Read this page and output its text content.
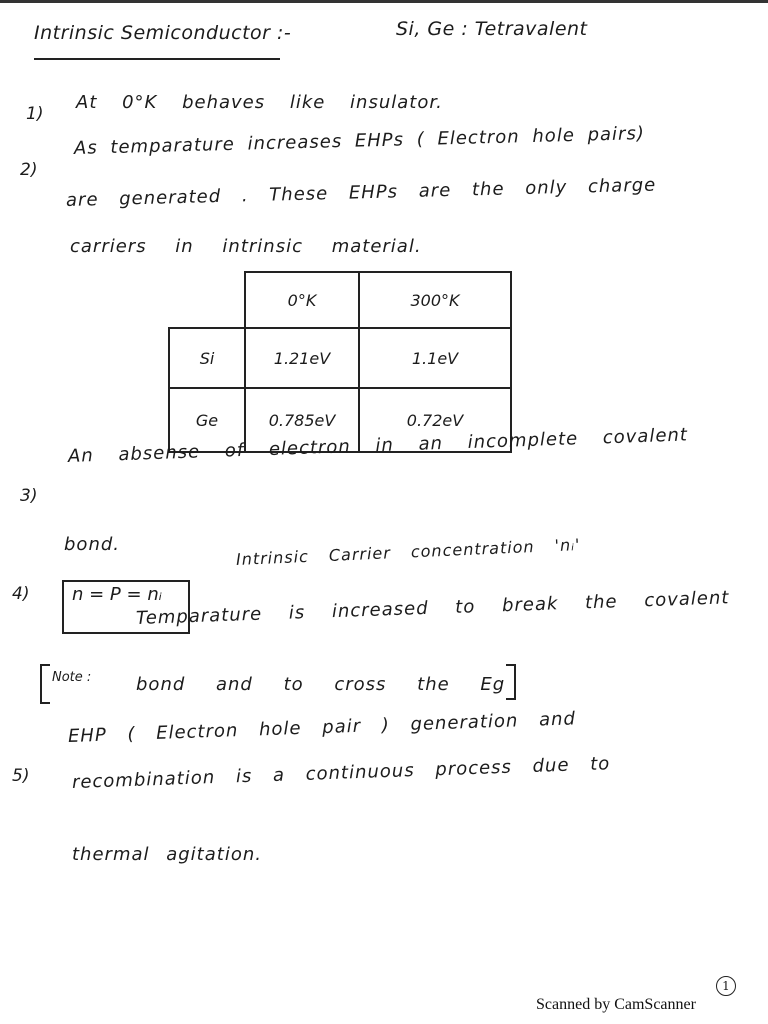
Intrinsic Semiconductor :-	Si, Ge : Tetravalent
1)
At 0°K behaves like insulator.
2)
As temparature increases EHPs ( Electron hole pairs)
are generated . These EHPs are the only charge
carriers in intrinsic material.
	0°K	300°K
Si	1.21eV	1.1eV
Ge	0.785eV	0.72eV
3)
An absense of electron in an incomplete covalent
bond.
4) n = P = nᵢ
Intrinsic Carrier concentration 'nᵢ'
Note :
Temparature is increased to break the covalent
bond and to cross the Eg
5)
EHP ( Electron hole pair ) generation and
recombination is a continuous process due to
thermal agitation.
1
Scanned by CamScanner
